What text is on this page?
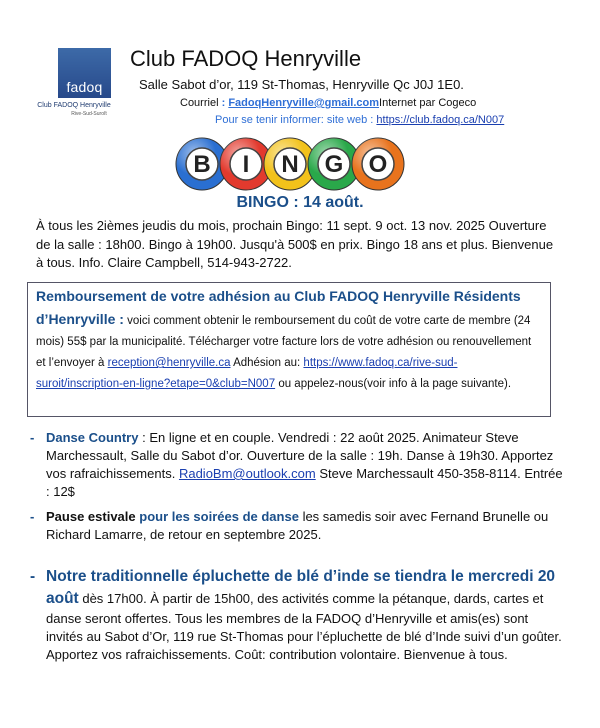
fadoq
Club FADOQ Henryville
Rive-Sud-Suroît
Club FADOQ Henryville
Salle Sabot d’or, 119 St-Thomas, Henryville Qc J0J 1E0.
Courriel : FadoqHenryville@gmail.comInternet par Cogeco
Pour se tenir informer: site web : https://club.fadoq.ca/N007
B I N G O
BINGO : 14 août.
À tous les 2ièmes jeudis du mois, prochain Bingo: 11 sept. 9 oct. 13 nov. 2025 Ouverture de la salle : 18h00. Bingo à 19h00. Jusqu'à 500$ en prix. Bingo 18 ans et plus. Bienvenue à tous. Info. Claire Campbell, 514-943-2722.
Remboursement de votre adhésion au Club FADOQ Henryville Résidents d’Henryville : voici comment obtenir le remboursement du coût de votre carte de membre (24 mois) 55$ par la municipalité. Télécharger votre facture lors de votre adhésion ou renouvellement et l’envoyer à reception@henryville.ca Adhésion au: https://www.fadoq.ca/rive-sud-suroit/inscription-en-ligne?etape=0&club=N007 ou appelez-nous(voir info à la page suivante).
- Danse Country : En ligne et en couple. Vendredi : 22 août 2025. Animateur Steve Marchessault, Salle du Sabot d’or. Ouverture de la salle : 19h. Danse à 19h30. Apportez vos rafraichissements. RadioBm@outlook.com Steve Marchessault 450-358-8114. Entrée : 12$
- Pause estivale pour les soirées de danse les samedis soir avec Fernand Brunelle ou Richard Lamarre, de retour en septembre 2025.
- Notre traditionnelle épluchette de blé d’inde se tiendra le mercredi 20 août dès 17h00. À partir de 15h00, des activités comme la pétanque, dards, cartes et danse seront offertes. Tous les membres de la FADOQ d’Henryville et amis(es) sont invités au Sabot d’Or, 119 rue St-Thomas pour l’épluchette de blé d’Inde suivi d’un goûter. Apportez vos rafraichissements. Coût: contribution volontaire. Bienvenue à tous.
